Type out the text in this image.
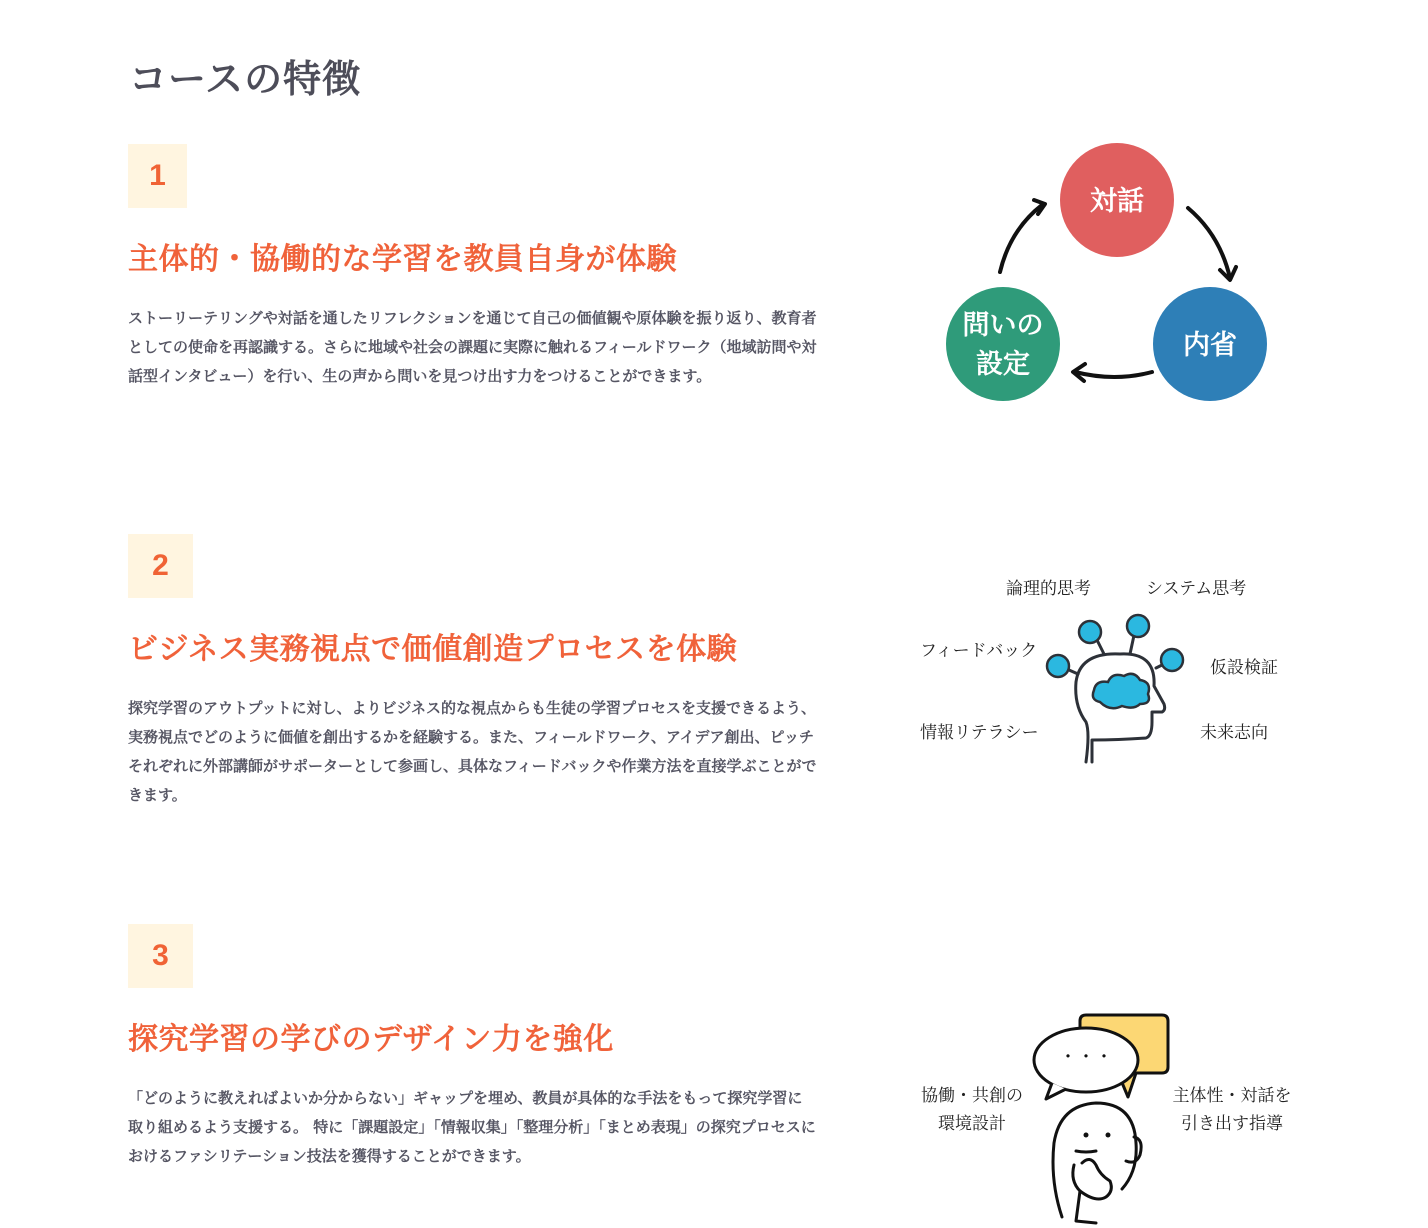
コースの特徴
1
主体的・協働的な学習を教員自身が体験

ストーリーテリングや対話を通したリフレクションを通じて自己の価値観や原体験を振り返り、教育者としての使命を再認識する。さらに地域や社会の課題に実際に触れるフィールドワーク（地域訪問や対話型インタビュー）を行い、生の声から問いを見つけ出す力をつけることができます。

対話
内省
問いの
設定
2
ビジネス実務視点で価値創造プロセスを体験

探究学習のアウトプットに対し、よりビジネス的な視点からも生徒の学習プロセスを支援できるよう、実務視点でどのように価値を創出するかを経験する。また、フィールドワーク、アイデア創出、ピッチそれぞれに外部講師がサポーターとして参画し、具体なフィードバックや作業方法を直接学ぶことができます。

論理的思考	システム思考
フィードバック
仮設検証
情報リテラシー	未来志向
3
探究学習の学びのデザイン力を強化

「どのように教えればよいか分からない」ギャップを埋め、教員が具体的な手法をもって探究学習に 取り組めるよう支援する。 特に「課題設定」「情報収集」「整理分析」「まとめ表現」の探究プロセスにおけるファシリテーション技法を獲得することができます。

協働・共創の
環境設計
主体性・対話を
引き出す指導
・・・
